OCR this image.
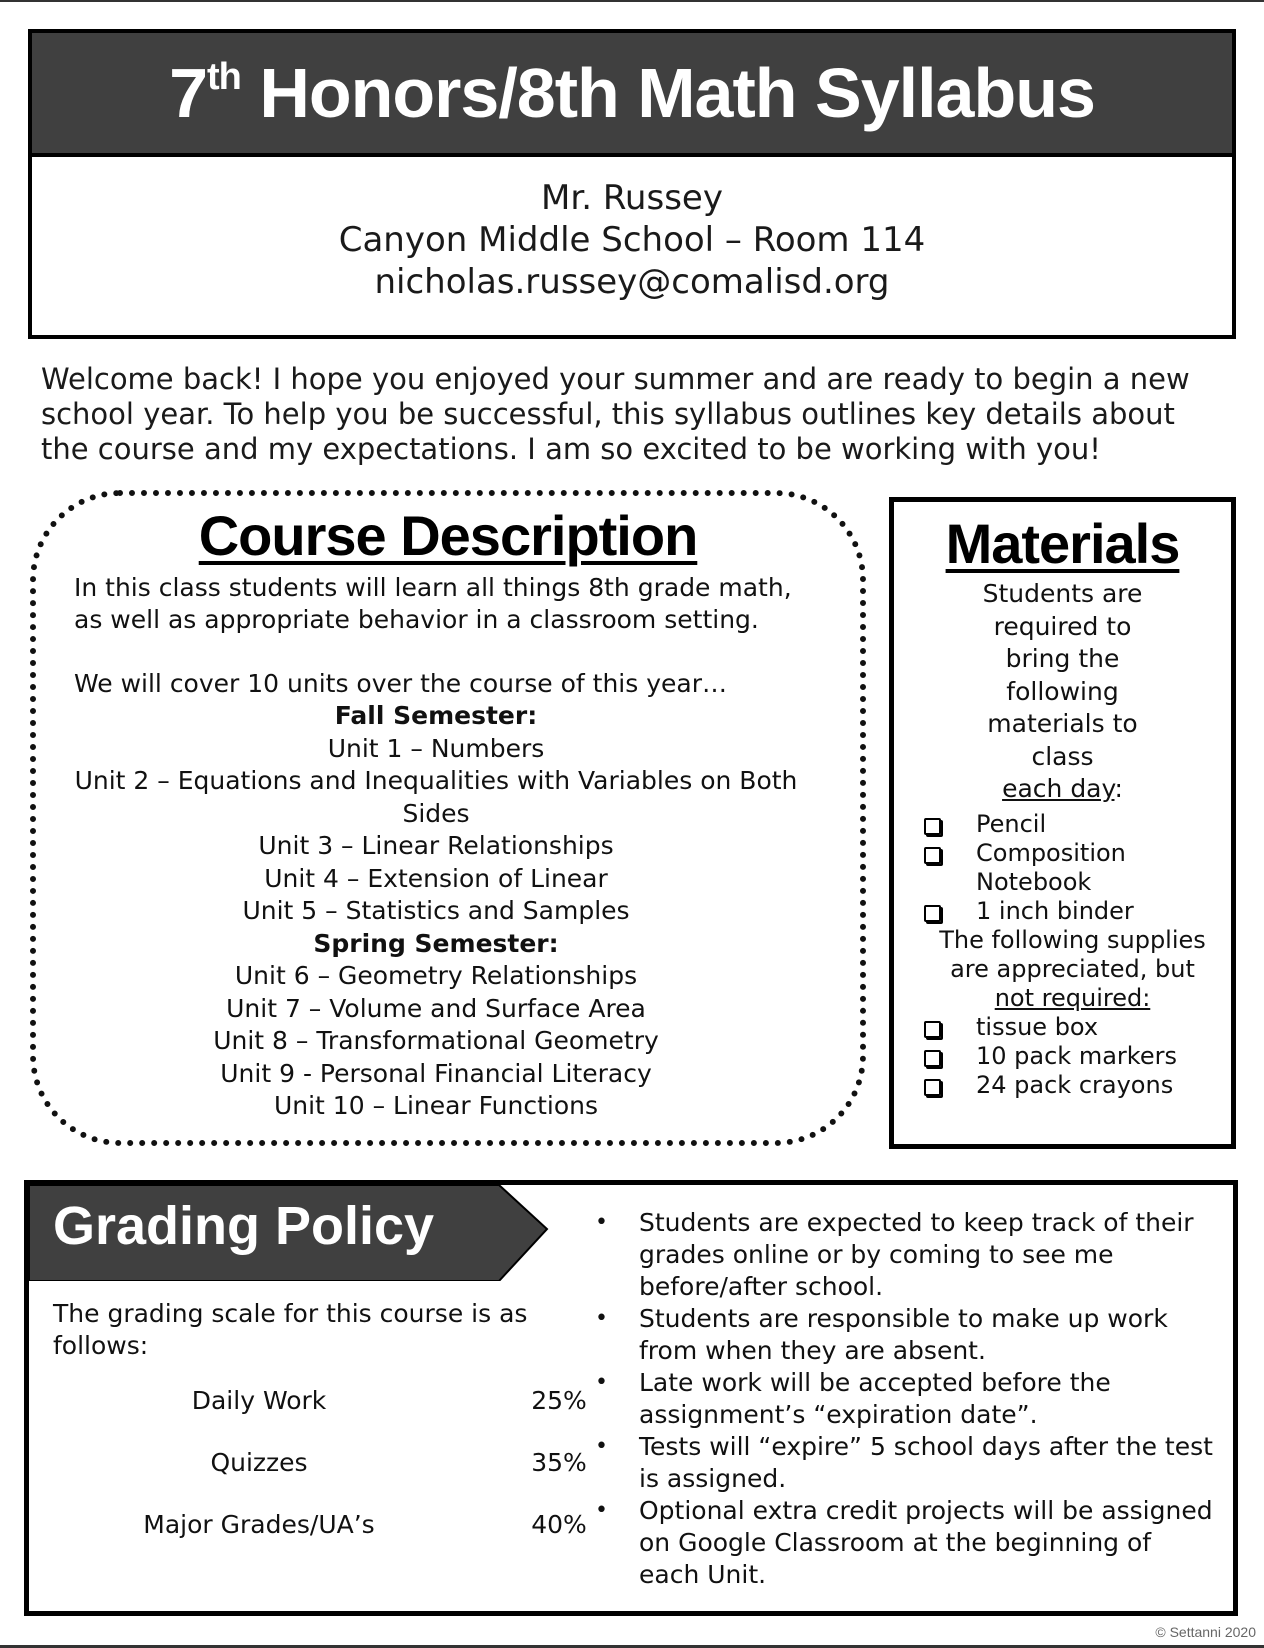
7th Honors/8th Math Syllabus
Mr. Russey
Canyon Middle School – Room 114
nicholas.russey@comalisd.org
Welcome back! I hope you enjoyed your summer and are ready to begin a new school year. To help you be successful, this syllabus outlines key details about the course and my expectations. I am so excited to be working with you!
Course Description
In this class students will learn all things 8th grade math, as well as appropriate behavior in a classroom setting.
We will cover 10 units over the course of this year…
Fall Semester:
Unit 1 – Numbers
Unit 2 – Equations and Inequalities with Variables on Both Sides
Unit 3 – Linear Relationships
Unit 4 – Extension of Linear
Unit 5 – Statistics and Samples
Spring Semester:
Unit 6 – Geometry Relationships
Unit 7 – Volume and Surface Area
Unit 8 – Transformational Geometry
Unit 9 - Personal Financial Literacy
Unit 10 – Linear Functions
Materials
Students are required to bring the following materials to class
each day:
Pencil
Composition Notebook
1 inch binder
The following supplies are appreciated, but
not required:
tissue box
10 pack markers
24 pack crayons
Grading Policy
The grading scale for this course is as follows:
Daily Work	25%

Quizzes	35%

Major Grades/UA’s	40%
• Students are expected to keep track of their grades online or by coming to see me before/after school.
• Students are responsible to make up work from when they are absent.
• Late work will be accepted before the assignment’s “expiration date”.
• Tests will “expire” 5 school days after the test is assigned.
• Optional extra credit projects will be assigned on Google Classroom at the beginning of each Unit.
© Settanni 2020
